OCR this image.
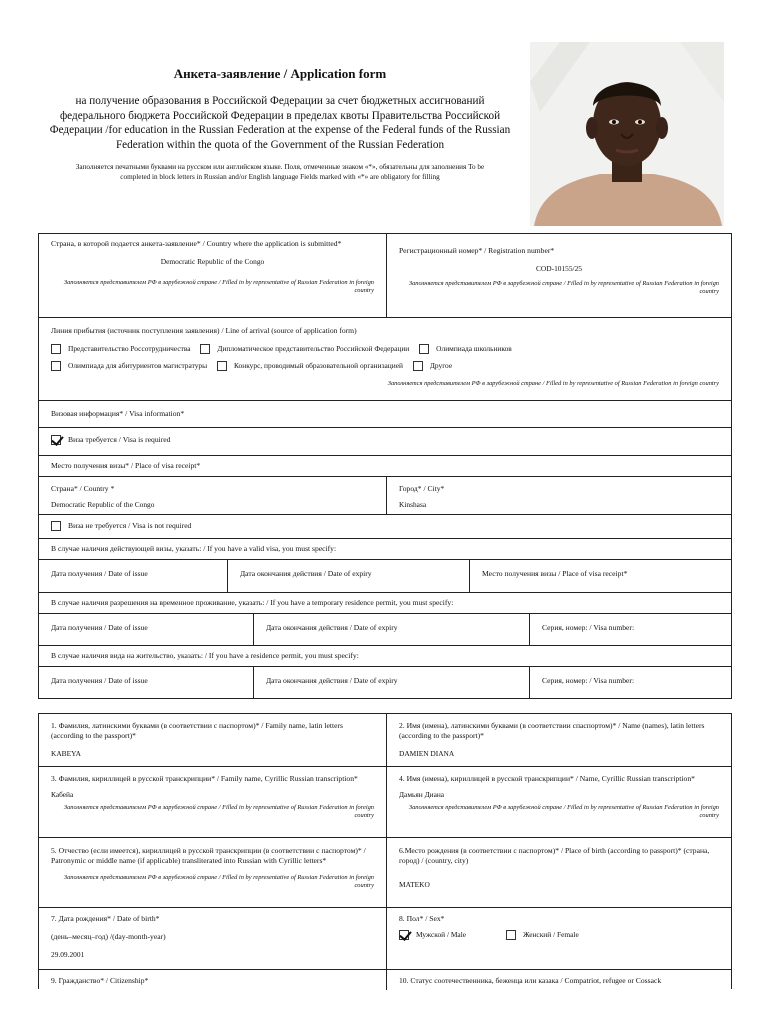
Анкета-заявление / Application form
на получение образования в Российской Федерации за счет бюджетных ассигнований федерального бюджета Российской Федерации в пределах квоты Правительства Российской Федерации /for education in the Russian Federation at the expense of the Federal funds of the Russian Federation within the quota of the Government of the Russian Federation
Заполняется печатными буквами на русском или английском языке. Поля, отмеченные знаком «*», обязательны для заполнения To be completed in block letters in Russian and/or English language Fields marked with «*» are obligatory for filling
Страна, в которой подается анкета-заявление* / Country where the application is submitted*
Democratic Republic of the Congo
Заполняется представителем РФ в зарубежной стране / Filled in by representative of Russian Federation in foreign country
Регистрационный номер* / Registration number*
COD-10155/25
Заполняется представителем РФ в зарубежной стране / Filled in by representative of Russian Federation in foreign country
Линия прибытия (источник поступления заявления) / Line of arrival (source of application form)
Представительство Россотрудничества
	Дипломатическое представительство Российской Федерации
	Олимпиада школьников
Олимпиада для абитуриентов магистратуры
	Конкурс, проводимый образовательной организацией
	Другое
Заполняется представителем РФ в зарубежной стране / Filled in by representative of Russian Federation in foreign country
Визовая информация* / Visa information*
Виза требуется / Visa is required
Место получения визы* / Place of visa receipt*
Страна* / Country *
Democratic Republic of the Congo
Город* / City*
Kinshasa
Виза не требуется / Visa is not required
В случае наличия действующей визы, указать: / If you have a valid visa, you must specify:
Дата получения / Date of issue	Дата окончания действия / Date of expiry	Место получения визы / Place of visa receipt*
В случае наличия разрешения на временное проживание, указать: / If you have a temporary residence permit, you must specify:
Дата получения / Date of issue	Дата окончания действия / Date of expiry	Серия, номер: / Visa number:
В случае наличия вида на жительство, указать: / If you have a residence permit, you must specify:
Дата получения / Date of issue	Дата окончания действия / Date of expiry	Серия, номер: / Visa number:
1. Фамилия, латинскими буквами (в соответствии с паспортом)* / Family name, latin letters (according to the passport)*
KABEYA
2. Имя (имена), латинскими буквами (в соответствии спаспортом)* / Name (names), latin letters (according to the passport)*
DAMIEN DIANA
3. Фамилия, кириллицей в русской транскрипции* / Family name, Cyrillic Russian transcription*
Кабейа
Заполняется представителем РФ в зарубежной стране / Filled in by representative of Russian Federation in foreign country
4. Имя (имена), кириллицей в русской транскрипции* / Name, Cyrillic Russian transcription*
Дамьян Диана
Заполняется представителем РФ в зарубежной стране / Filled in by representative of Russian Federation in foreign country
5. Отчество (если имеется), кириллицей в русской транскрипции (в соответствии с паспортом)* / Patronymic or middle name (if applicable) transliterated into Russian with Cyrillic letters*
Заполняется представителем РФ в зарубежной стране / Filled in by representative of Russian Federation in foreign country
6.Место рождения (в соответствии с паспортом)* / Place of birth (according to passport)* (страна, город) / (country, city)
MATEKO
7. Дата рождения* / Date of birth*
(день–месяц–год) /(day-month-year)
29.09.2001
8. Пол* / Sex*
Мужской / Male
	Женский / Female
9. Гражданство* / Citizenship*	10. Статус соотечественника, беженца или казака / Compatriot, refugee or Cossack
